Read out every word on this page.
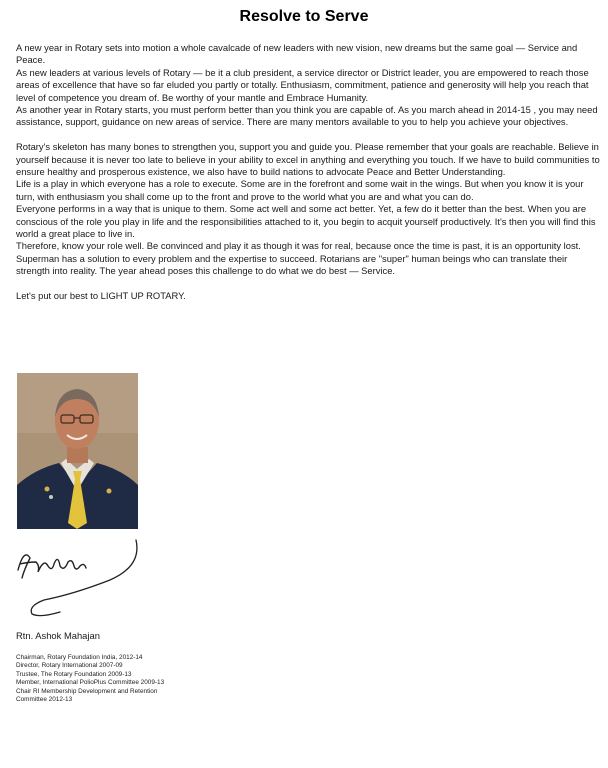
Resolve to Serve

A new year in Rotary sets into motion a whole cavalcade of new leaders with new vision, new dreams but the same goal — Service and Peace.

As new leaders at various levels of Rotary — be it a club president, a service director or District leader, you are empowered to reach those areas of excellence that have so far eluded you partly or totally. Enthusiasm, commitment, patience and generosity will help you reach that level of competence you dream of. Be worthy of your mantle and Embrace Humanity.

As another year in Rotary starts, you must perform better than you think you are capable of. As you march ahead in 2014-15 , you may need assistance, support, guidance on new areas of service. There are many mentors available to you to help you achieve your objectives.

Rotary's skeleton has many bones to strengthen you, support you and guide you. Please remember that your goals are reachable. Believe in yourself because it is never too late to believe in your ability to excel in anything and everything you touch. If we have to build communities to ensure healthy and prosperous existence, we also have to build nations to advocate Peace and Better Understanding.

Life is a play in which everyone has a role to execute. Some are in the forefront and some wait in the wings. But when you know it is your turn, with enthusiasm you shall come up to the front and prove to the world what you are and what you can do.

Everyone performs in a way that is unique to them. Some act well and some act better. Yet, a few do it better than the best. When you are conscious of the role you play in life and the responsibilities attached to it, you begin to acquit yourself productively. It's then you will find this world a great place to live in.

Therefore, know your role well. Be convinced and play it as though it was for real, because once the time is past, it is an opportunity lost.

Superman has a solution to every problem and the expertise to succeed. Rotarians are "super" human beings who can translate their strength into reality. The year ahead poses this challenge to do what we do best — Service.

Let's put our best to LIGHT UP ROTARY.

Rtn. Ashok Mahajan
Chairman, Rotary Foundation India, 2012-14
Director, Rotary International 2007-09
Trustee, The Rotary Foundation 2009-13
Member, International PolioPlus Committee 2009-13
Chair RI Membership Development and Retention
Committee 2012-13
